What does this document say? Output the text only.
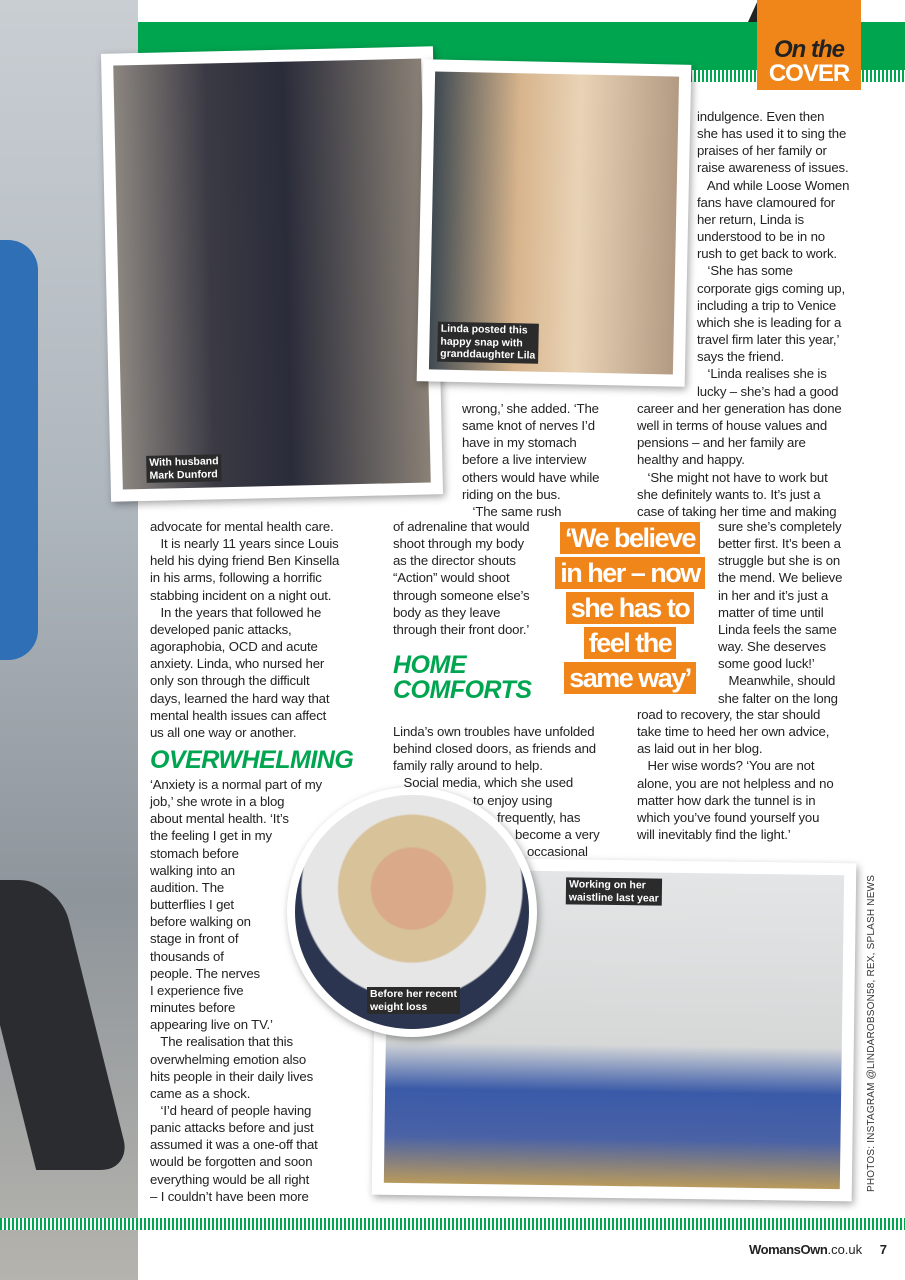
On the
COVER
With husband
Mark Dunford
Linda posted this
happy snap with
granddaughter Lila
advocate for mental health care.
It is nearly 11 years since Louis
held his dying friend Ben Kinsella
in his arms, following a horrific
stabbing incident on a night out.
In the years that followed he
developed panic attacks,
agoraphobia, OCD and acute
anxiety. Linda, who nursed her
only son through the difficult
days, learned the hard way that
mental health issues can affect
us all one way or another.
OVERWHELMING
‘Anxiety is a normal part of my
job,’ she wrote in a blog
about mental health. ‘It’s
the feeling I get in my
stomach before
walking into an
audition. The
butterflies I get
before walking on
stage in front of
thousands of
people. The nerves
I experience five
minutes before
appearing live on TV.’
The realisation that this
overwhelming emotion also
hits people in their daily lives
came as a shock.
‘I’d heard of people having
panic attacks before and just
assumed it was a one-off that
would be forgotten and soon
everything would be all right
– I couldn’t have been more
wrong,’ she added. ‘The
same knot of nerves I’d
have in my stomach
before a live interview
others would have while
riding on the bus.
‘The same rush
of adrenaline that would
shoot through my body
as the director shouts
“Action” would shoot
through someone else’s
body as they leave
through their front door.’
HOME
COMFORTS
Linda’s own troubles have unfolded
behind closed doors, as friends and
family rally around to help.
Social media, which she used
to enjoy using
frequently, has
become a very
occasional
indulgence. Even then
she has used it to sing the
praises of her family or
raise awareness of issues.
And while Loose Women
fans have clamoured for
her return, Linda is
understood to be in no
rush to get back to work.
‘She has some
corporate gigs coming up,
including a trip to Venice
which she is leading for a
travel firm later this year,’
says the friend.
‘Linda realises she is
lucky – she’s had a good
career and her generation has done
well in terms of house values and
pensions – and her family are
healthy and happy.
‘She might not have to work but
she definitely wants to. It’s just a
case of taking her time and making
sure she’s completely
better first. It’s been a
struggle but she is on
the mend. We believe
in her and it’s just a
matter of time until
Linda feels the same
way. She deserves
some good luck!’
Meanwhile, should
she falter on the long
road to recovery, the star should
take time to heed her own advice,
as laid out in her blog.
Her wise words? ‘You are not
alone, you are not helpless and no
matter how dark the tunnel is in
which you’ve found yourself you
will inevitably find the light.’
‘We believe
in her – now
she has to
feel the
same way’
Working on her
waistline last year
Before her recent
weight loss	PHOTOS: INSTAGRAM @LINDAROBSON58, REX, SPLASH NEWS
WomansOwn.co.uk 7
